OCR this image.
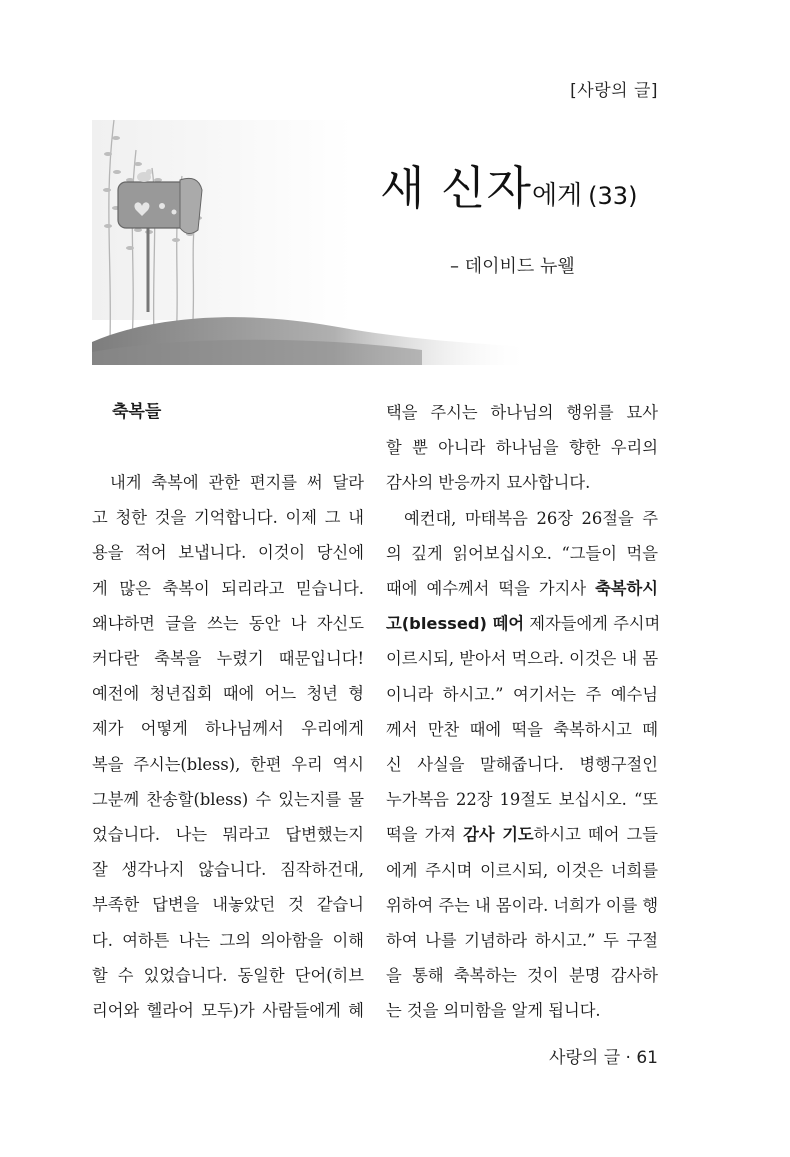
[사랑의 글]
새 신자에게 (33)
– 데이비드 뉴웰
축복들
내게 축복에 관한 편지를 써 달라
고 청한 것을 기억합니다. 이제 그 내
용을 적어 보냅니다. 이것이 당신에
게 많은 축복이 되리라고 믿습니다.
왜냐하면 글을 쓰는 동안 나 자신도
커다란 축복을 누렸기 때문입니다!
예전에 청년집회 때에 어느 청년 형
제가 어떻게 하나님께서 우리에게
복을 주시는(bless), 한편 우리 역시
그분께 찬송할(bless) 수 있는지를 물
었습니다. 나는 뭐라고 답변했는지
잘 생각나지 않습니다. 짐작하건대,
부족한 답변을 내놓았던 것 같습니
다. 여하튼 나는 그의 의아함을 이해
할 수 있었습니다. 동일한 단어(히브
리어와 헬라어 모두)가 사람들에게 혜
택을 주시는 하나님의 행위를 묘사
할 뿐 아니라 하나님을 향한 우리의
감사의 반응까지 묘사합니다.
예컨대, 마태복음 26장 26절을 주
의 깊게 읽어보십시오. “그들이 먹을
때에 예수께서 떡을 가지사 축복하시
고(blessed) 떼어 제자들에게 주시며
이르시되, 받아서 먹으라. 이것은 내 몸
이니라 하시고.” 여기서는 주 예수님
께서 만찬 때에 떡을 축복하시고 떼
신 사실을 말해줍니다. 병행구절인
누가복음 22장 19절도 보십시오. “또
떡을 가져 감사 기도하시고 떼어 그들
에게 주시며 이르시되, 이것은 너희를
위하여 주는 내 몸이라. 너희가 이를 행
하여 나를 기념하라 하시고.” 두 구절
을 통해 축복하는 것이 분명 감사하
는 것을 의미함을 알게 됩니다.
사랑의 글 · 61
